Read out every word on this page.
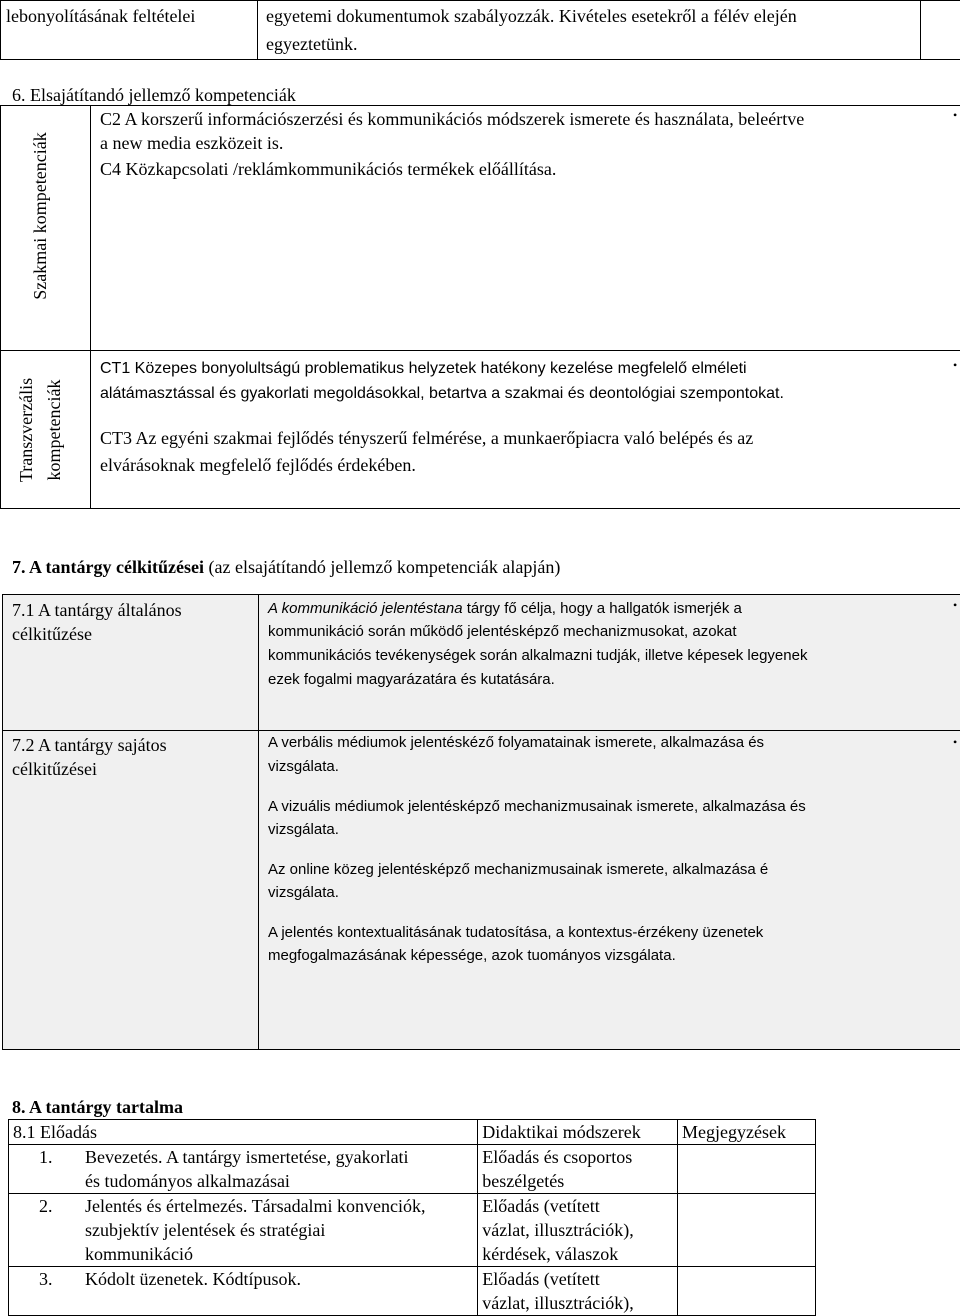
lebonyolításának feltételei	egyetemi dokumentumok szabályozzák. Kivételes esetekről a félév elején
egyeztetünk.
6. Elsajátítandó jellemző kompetenciák
Szakmai kompetenciák
C2 A korszerű információszerzési és kommunikációs módszerek ismerete és használata, beleértve
a new media eszközeit is.
C4 Közkapcsolati /reklámkommunikációs termékek előállítása.
Transzverzális kompetenciák
CT1 Közepes bonyolultságú problematikus helyzetek hatékony kezelése megfelelő elméleti
alátámasztással és gyakorlati megoldásokkal, betartva a szakmai és deontológiai szempontokat.
CT3 Az egyéni szakmai fejlődés tényszerű felmérése, a munkaerőpiacra való belépés és az
elvárásoknak megfelelő fejlődés érdekében.
7. A tantárgy célkitűzései (az elsajátítandó jellemző kompetenciák alapján)
7.1 A tantárgy általános
célkitűzése
A kommunikáció jelentéstana tárgy fő célja, hogy a hallgatók ismerjék a
kommunikáció során működő jelentésképző mechanizmusokat, azokat
kommunikációs tevékenységek során alkalmazni tudják, illetve képesek legyenek
ezek fogalmi magyarázatára és kutatására.
7.2 A tantárgy sajátos
célkitűzései
A verbális médiumok jelentéskéző folyamatainak ismerete, alkalmazása és
vizsgálata.
A vizuális médiumok jelentésképző mechanizmusainak ismerete, alkalmazása és
vizsgálata.
Az online közeg jelentésképző mechanizmusainak ismerete, alkalmazása é
vizsgálata.
A jelentés kontextualitásának tudatosítása, a kontextus-érzékeny üzenetek
megfogalmazásának képessége, azok tuományos vizsgálata.
•
•
•
•
8. A tantárgy tartalma
8.1 Előadás	Didaktikai módszerek	Megjegyzések

1. Bevezetés. A tantárgy ismertetése, gyakorlati
és tudományos alkalmazásai	Előadás és csoportos
beszélgetés	

2. Jelentés és értelmezés. Társadalmi konvenciók,
szubjektív jelentések és stratégiai
kommunikáció	Előadás (vetített
vázlat, illusztrációk),
kérdések, válaszok	

3. Kódolt üzenetek. Kódtípusok.	Előadás (vetített
vázlat, illusztrációk),	
